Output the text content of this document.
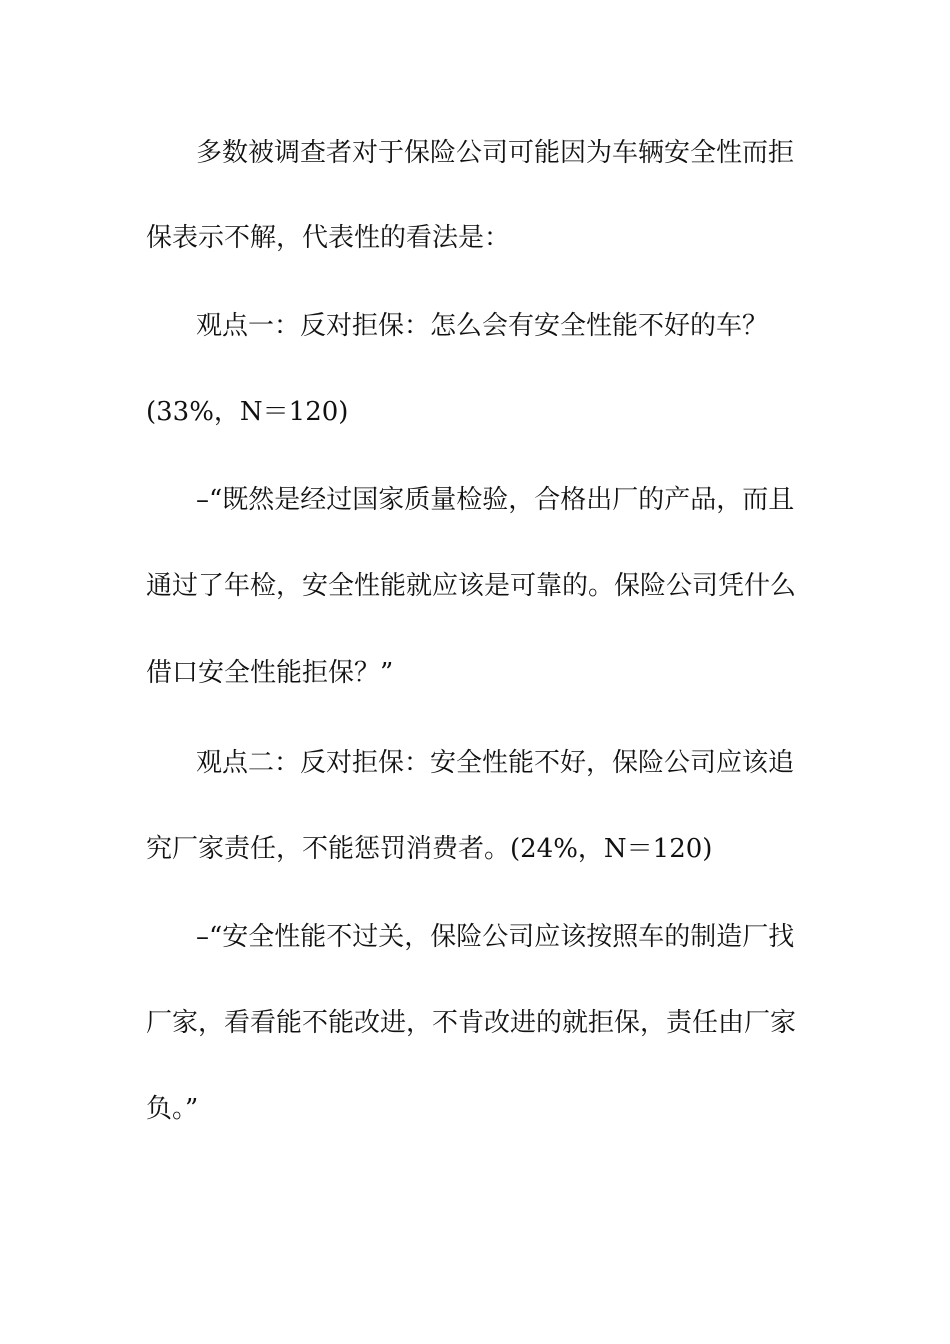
多数被调查者对于保险公司可能因为车辆安全性而拒
保表示不解，代表性的看法是：
观点一：反对拒保：怎么会有安全性能不好的车？
(33%，N＝120)
–“既然是经过国家质量检验，合格出厂的产品，而且
通过了年检，安全性能就应该是可靠的。保险公司凭什么
借口安全性能拒保？”
观点二：反对拒保：安全性能不好，保险公司应该追
究厂家责任，不能惩罚消费者。(24%，N＝120)
–“安全性能不过关，保险公司应该按照车的制造厂找
厂家，看看能不能改进，不肯改进的就拒保，责任由厂家
负。”
